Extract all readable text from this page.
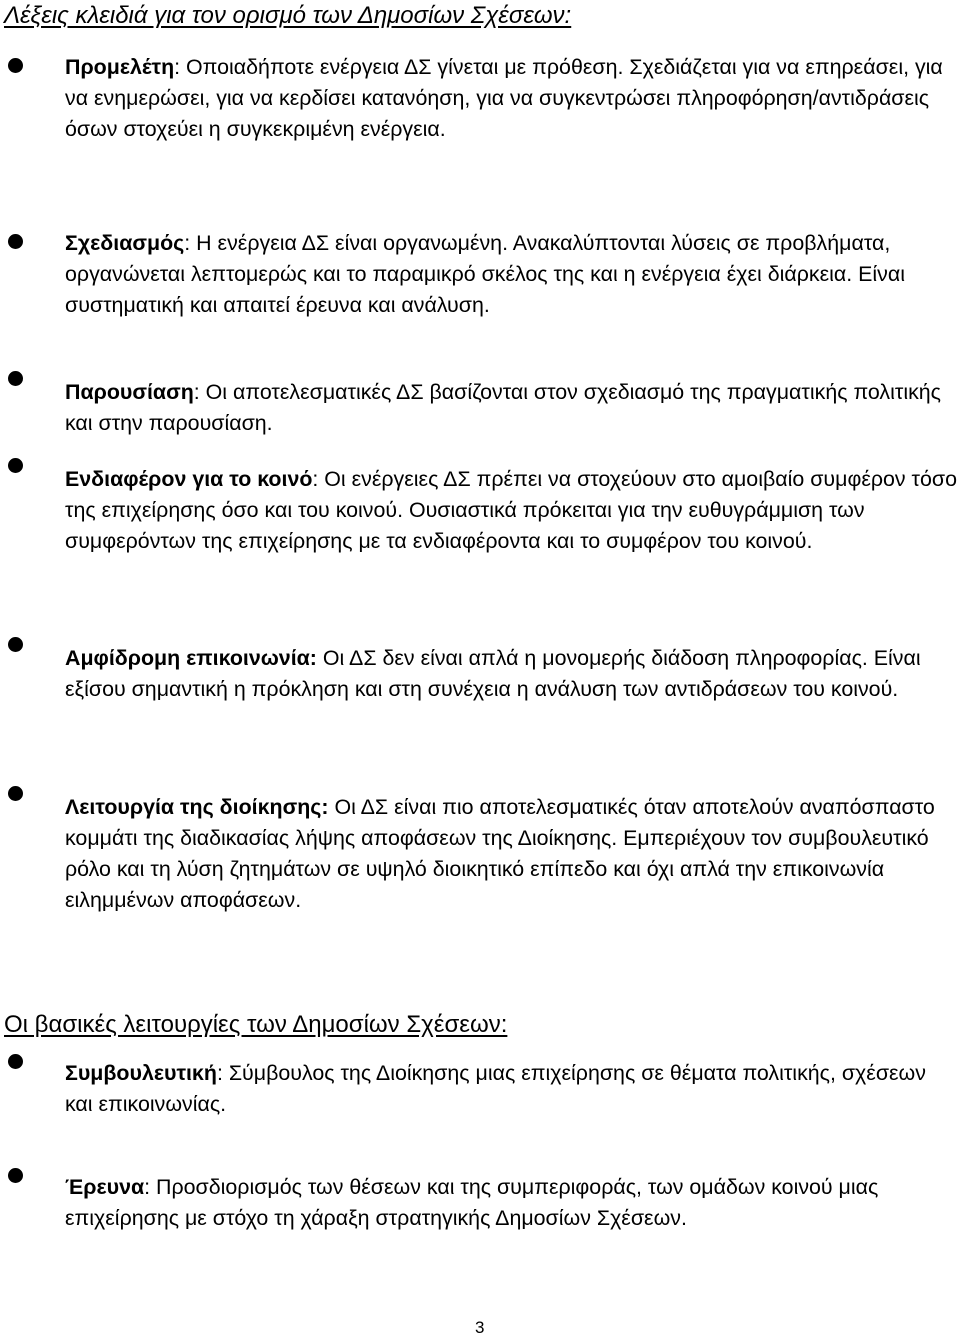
Λέξεις κλειδιά για τον ορισμό των Δημοσίων Σχέσεων:
Προμελέτη: Οποιαδήποτε ενέργεια ΔΣ γίνεται με πρόθεση. Σχεδιάζεται για να επηρεάσει, για να ενημερώσει, για να κερδίσει κατανόηση, για να συγκεντρώσει πληροφόρηση/αντιδράσεις όσων στοχεύει η συγκεκριμένη ενέργεια.
Σχεδιασμός: Η ενέργεια ΔΣ είναι οργανωμένη. Ανακαλύπτονται λύσεις σε προβλήματα, οργανώνεται λεπτομερώς και το παραμικρό σκέλος της και η ενέργεια έχει διάρκεια. Είναι συστηματική και απαιτεί έρευνα και ανάλυση.
Παρουσίαση: Οι αποτελεσματικές ΔΣ βασίζονται στον σχεδιασμό της πραγματικής πολιτικής και στην παρουσίαση.
Ενδιαφέρον για το κοινό: Οι ενέργειες ΔΣ πρέπει να στοχεύουν στο αμοιβαίο συμφέρον τόσο της επιχείρησης όσο και του κοινού. Ουσιαστικά πρόκειται για την ευθυγράμμιση των συμφερόντων της επιχείρησης με τα ενδιαφέροντα και το συμφέρον του κοινού.
Αμφίδρομη επικοινωνία: Οι ΔΣ δεν είναι απλά η μονομερής διάδοση πληροφορίας. Είναι εξίσου σημαντική η πρόκληση και στη συνέχεια η ανάλυση των αντιδράσεων του κοινού.
Λειτουργία της διοίκησης: Οι ΔΣ είναι πιο αποτελεσματικές όταν αποτελούν αναπόσπαστο κομμάτι της διαδικασίας λήψης αποφάσεων της Διοίκησης. Εμπεριέχουν τον συμβουλευτικό ρόλο και τη λύση ζητημάτων σε υψηλό διοικητικό επίπεδο και όχι απλά την επικοινωνία ειλημμένων αποφάσεων.
Οι βασικές λειτουργίες των Δημοσίων Σχέσεων:
Συμβουλευτική: Σύμβουλος της Διοίκησης μιας επιχείρησης σε θέματα πολιτικής, σχέσεων και επικοινωνίας.
Έρευνα: Προσδιορισμός των θέσεων και της συμπεριφοράς, των ομάδων κοινού μιας επιχείρησης με στόχο τη χάραξη στρατηγικής Δημοσίων Σχέσεων.
3
